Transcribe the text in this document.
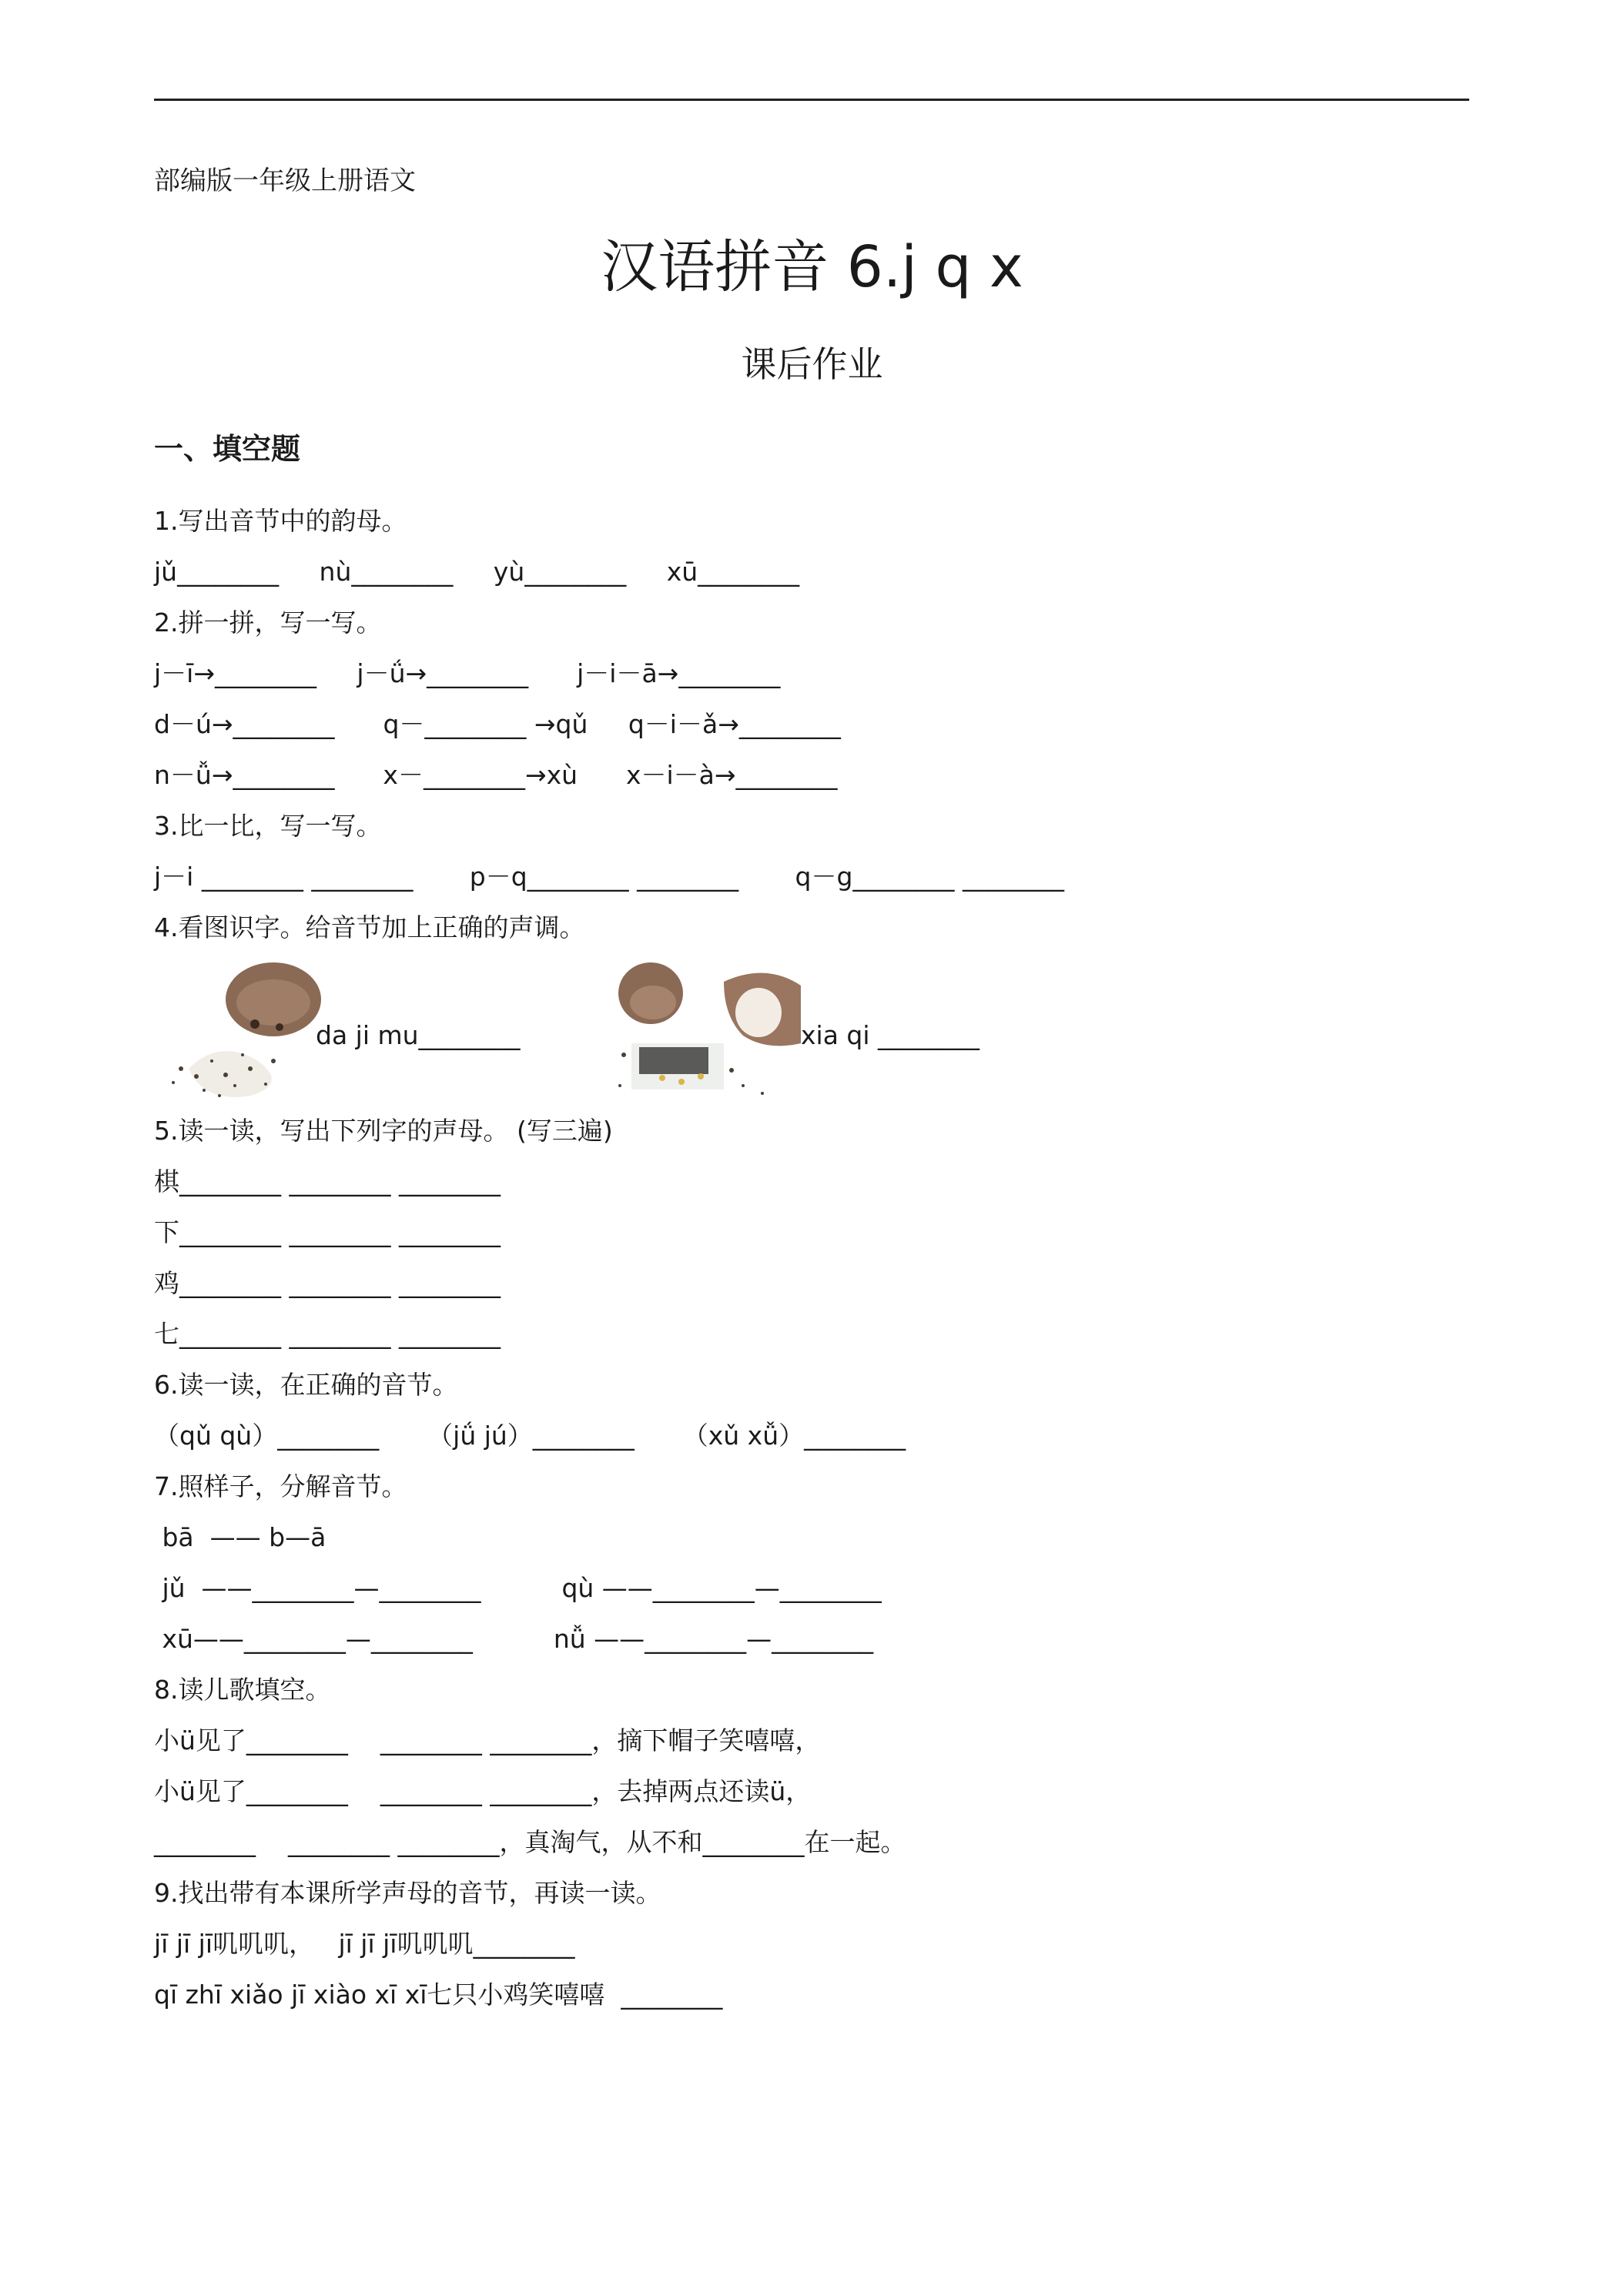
部编版一年级上册语文
汉语拼音 6.j q x
课后作业
一、填空题
1.写出音节中的韵母。
jǔ________     nù________     yù________     xū________
2.拼一拼，写一写。
j－ī→________     j－ǘ→________      j－i－ā→________
d－ú→________      q－________ →qǔ     q－i－ǎ→________
n－ǚ→________      x－________→xù      x－i－à→________
3.比一比，写一写。
j－i ________ ________       p－q________ ________       q－g________ ________
4.看图识字。给音节加上正确的声调。
da ji mu________	xia qi ________
5.读一读，写出下列字的声母。 (写三遍)
棋________ ________ ________
下________ ________ ________
鸡________ ________ ________
七________ ________ ________
6.读一读，在正确的音节。
（qǔ qù）________      （jǘ jú）________      （xǔ xǚ）________
7.照样子，分解音节。
bā  —— b—ā
jǔ  ——________—________          qù ——________—________
xū——________—________          nǚ ——________—________
8.读儿歌填空。
小ü见了________    ________ ________，摘下帽子笑嘻嘻，
小ü见了________    ________ ________，去掉两点还读ü，
________    ________ ________，真淘气，从不和________在一起。
9.找出带有本课所学声母的音节，再读一读。
jī jī jī叽叽叽，   jī jī jī叽叽叽________
qī zhī xiǎo jī xiào xī xī七只小鸡笑嘻嘻  ________
